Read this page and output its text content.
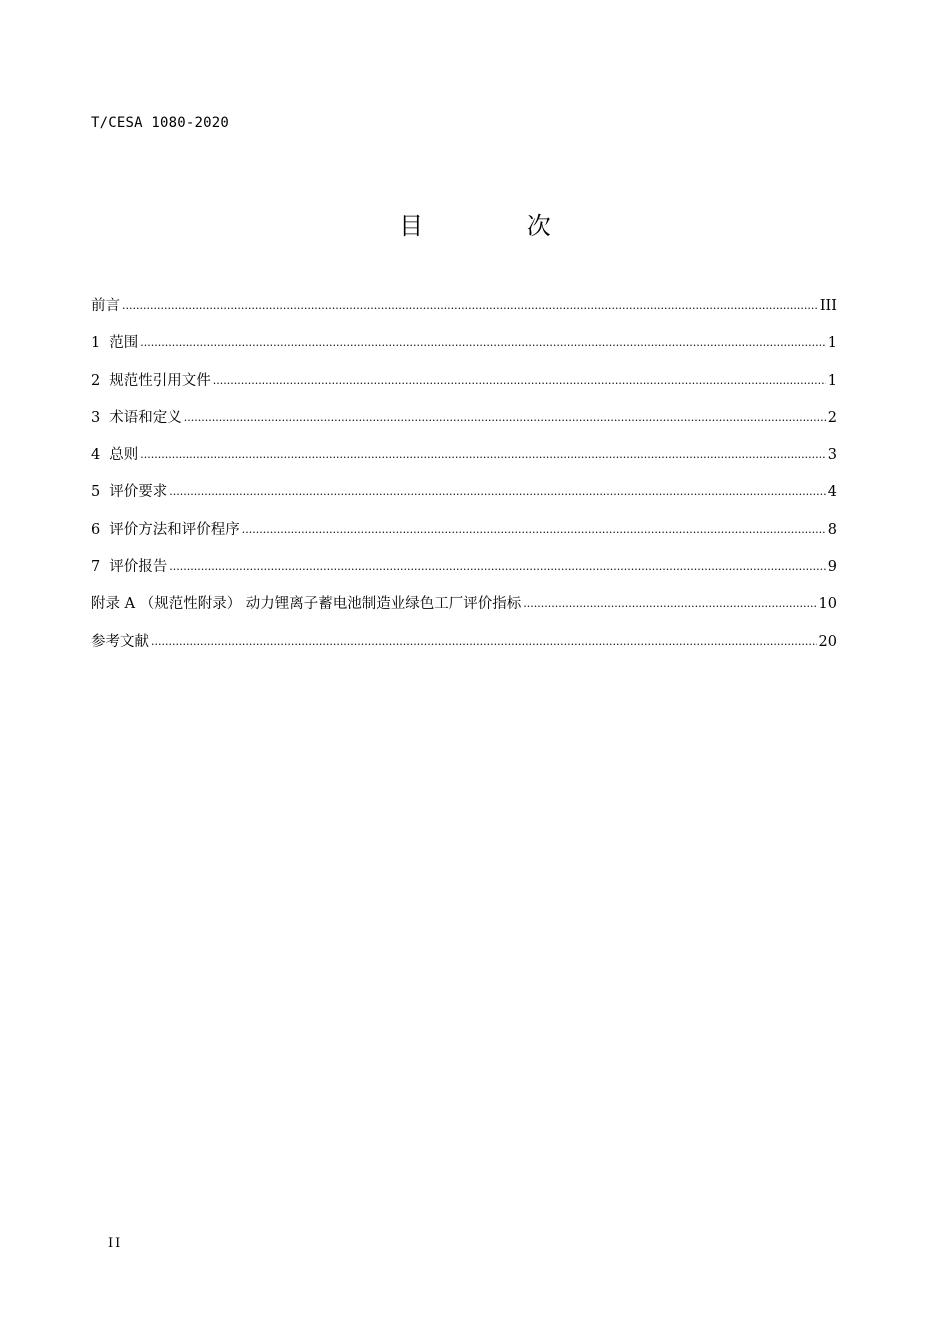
T/CESA 1080-2020
目 次
前言 .....	III
1 范围 .....	1
2 规范性引用文件 .....	1
3 术语和定义 .....	2
4 总则 .....	3
5 评价要求 .....	4
6 评价方法和评价程序 .....	8
7 评价报告 .....	9
附录 A （规范性附录） 动力锂离子蓄电池制造业绿色工厂评价指标 .....	10
参考文献 .....	20
II
